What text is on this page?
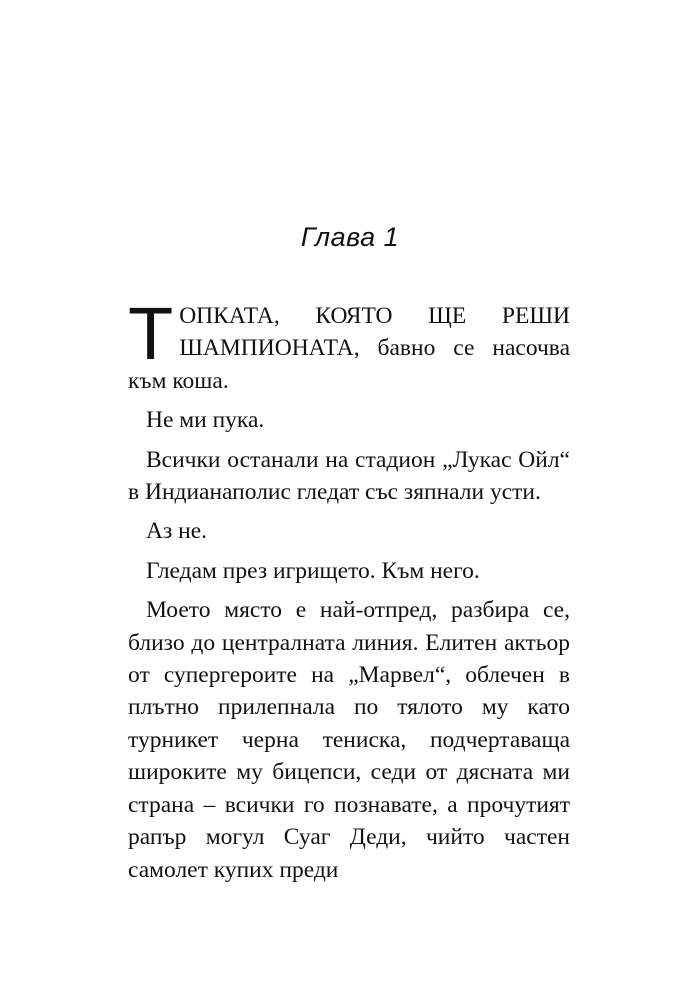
Глава 1

ТОПКАТА, КОЯТО ЩЕ РЕШИ ШАМПИОНАТА, бавно се насочва към коша.

Не ми пука.

Всички останали на стадион „Лукас Ойл“ в Индианаполис гледат със зяпнали усти.

Аз не.

Гледам през игрището. Към него.

Моето място е най-отпред, разбира се, близо до централната линия. Елитен актьор от супергероите на „Марвел“, облечен в плътно прилепнала по тялото му като турникет черна тениска, подчертаваща широките му бицепси, седи от дясната ми страна – всички го познавате, а прочутият рапър могул Суаг Деди, чийто частен самолет купих преди
